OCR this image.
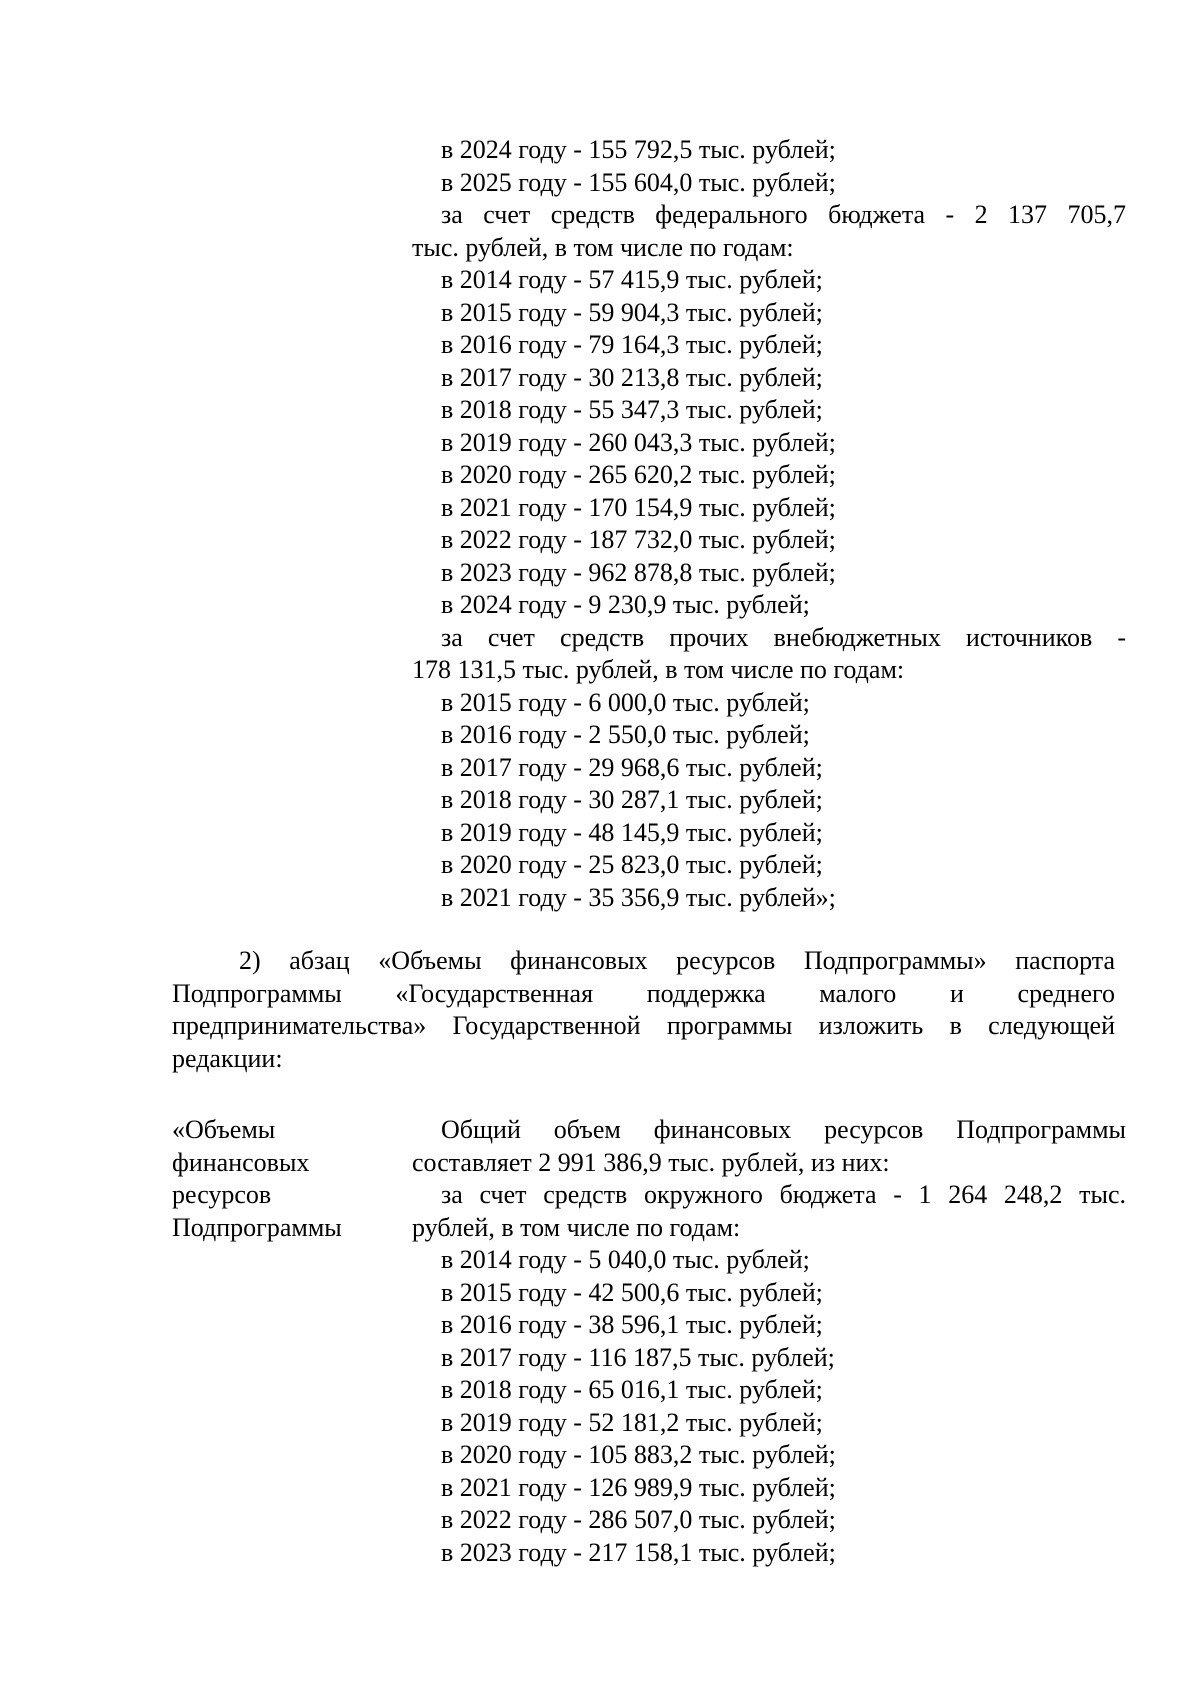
в 2024 году - 155 792,5 тыс. рублей;
в 2025 году - 155 604,0 тыс. рублей;
за счет средств федерального бюджета - 2 137 705,7
тыс. рублей, в том числе по годам:
в 2014 году - 57 415,9 тыс. рублей;
в 2015 году - 59 904,3 тыс. рублей;
в 2016 году - 79 164,3 тыс. рублей;
в 2017 году - 30 213,8 тыс. рублей;
в 2018 году - 55 347,3 тыс. рублей;
в 2019 году - 260 043,3 тыс. рублей;
в 2020 году - 265 620,2 тыс. рублей;
в 2021 году - 170 154,9 тыс. рублей;
в 2022 году - 187 732,0 тыс. рублей;
в 2023 году - 962 878,8 тыс. рублей;
в 2024 году - 9 230,9 тыс. рублей;
за счет средств прочих внебюджетных источников -
178 131,5 тыс. рублей, в том числе по годам:
в 2015 году - 6 000,0 тыс. рублей;
в 2016 году - 2 550,0 тыс. рублей;
в 2017 году - 29 968,6 тыс. рублей;
в 2018 году - 30 287,1 тыс. рублей;
в 2019 году - 48 145,9 тыс. рублей;
в 2020 году - 25 823,0 тыс. рублей;
в 2021 году - 35 356,9 тыс. рублей»;
2) абзац «Объемы финансовых ресурсов Подпрограммы» паспорта
Подпрограммы «Государственная поддержка малого и среднего
предпринимательства» Государственной программы изложить в следующей
редакции:
«Объемы
финансовых
ресурсов
Подпрограммы
Общий объем финансовых ресурсов Подпрограммы
составляет 2 991 386,9 тыс. рублей, из них:
за счет средств окружного бюджета - 1 264 248,2 тыс.
рублей, в том числе по годам:
в 2014 году - 5 040,0 тыс. рублей;
в 2015 году - 42 500,6 тыс. рублей;
в 2016 году - 38 596,1 тыс. рублей;
в 2017 году - 116 187,5 тыс. рублей;
в 2018 году - 65 016,1 тыс. рублей;
в 2019 году - 52 181,2 тыс. рублей;
в 2020 году - 105 883,2 тыс. рублей;
в 2021 году - 126 989,9 тыс. рублей;
в 2022 году - 286 507,0 тыс. рублей;
в 2023 году - 217 158,1 тыс. рублей;
